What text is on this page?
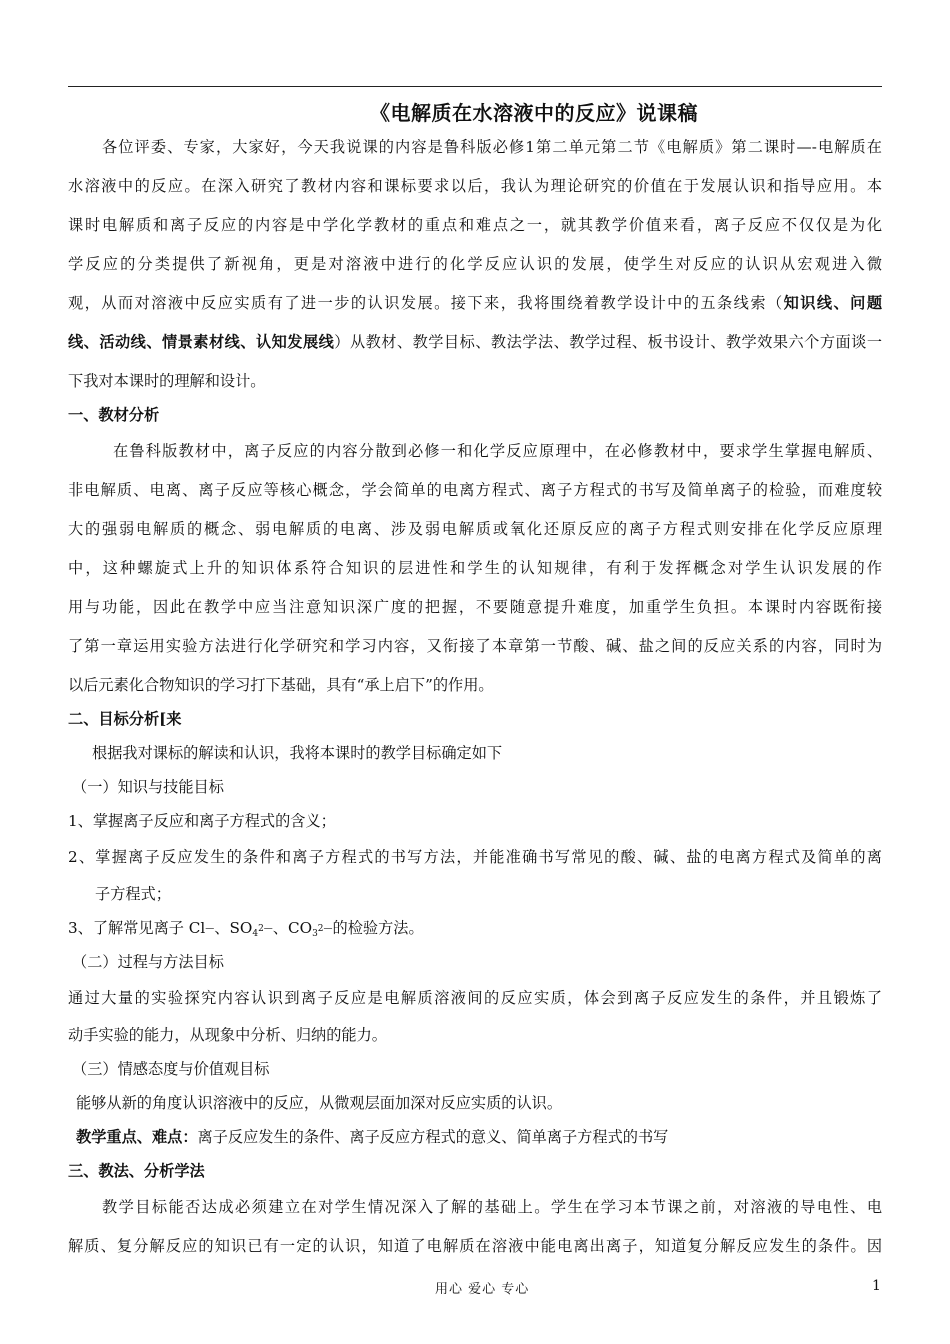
《电解质在水溶液中的反应》说课稿
各位评委、专家，大家好，今天我说课的内容是鲁科版必修1第二单元第二节《电解质》第二课时—-电解质在
水溶液中的反应。在深入研究了教材内容和课标要求以后，我认为理论研究的价值在于发展认识和指导应用。本
课时电解质和离子反应的内容是中学化学教材的重点和难点之一，就其教学价值来看，离子反应不仅仅是为化
学反应的分类提供了新视角，更是对溶液中进行的化学反应认识的发展，使学生对反应的认识从宏观进入微
观，从而对溶液中反应实质有了进一步的认识发展。接下来，我将围绕着教学设计中的五条线索（知识线、问题
线、活动线、情景素材线、认知发展线）从教材、教学目标、教法学法、教学过程、板书设计、教学效果六个方面谈一
下我对本课时的理解和设计。
一、教材分析
在鲁科版教材中，离子反应的内容分散到必修一和化学反应原理中，在必修教材中，要求学生掌握电解质、
非电解质、电离、离子反应等核心概念，学会简单的电离方程式、离子方程式的书写及简单离子的检验，而难度较
大的强弱电解质的概念、弱电解质的电离、涉及弱电解质或氧化还原反应的离子方程式则安排在化学反应原理
中，这种螺旋式上升的知识体系符合知识的层进性和学生的认知规律，有利于发挥概念对学生认识发展的作
用与功能，因此在教学中应当注意知识深广度的把握，不要随意提升难度，加重学生负担。本课时内容既衔接
了第一章运用实验方法进行化学研究和学习内容，又衔接了本章第一节酸、碱、盐之间的反应关系的内容，同时为
以后元素化合物知识的学习打下基础，具有“承上启下”的作用。
二、目标分析[来
根据我对课标的解读和认识，我将本课时的教学目标确定如下
（一）知识与技能目标
1、掌握离子反应和离子方程式的含义；
2、掌握离子反应发生的条件和离子方程式的书写方法，并能准确书写常见的酸、碱、盐的电离方程式及简单的离
子方程式；
3、了解常见离子 Cl—、$SO_4^{2—}$、$CO_3^{2—}$的检验方法。
（二）过程与方法目标
通过大量的实验探究内容认识到离子反应是电解质溶液间的反应实质，体会到离子反应发生的条件，并且锻炼了
动手实验的能力，从现象中分析、归纳的能力。
（三）情感态度与价值观目标
能够从新的角度认识溶液中的反应，从微观层面加深对反应实质的认识。
教学重点、难点：离子反应发生的条件、离子反应方程式的意义、简单离子方程式的书写
三、教法、分析学法
教学目标能否达成必须建立在对学生情况深入了解的基础上。学生在学习本节课之前，对溶液的导电性、电
解质、复分解反应的知识已有一定的认识，知道了电解质在溶液中能电离出离子，知道复分解反应发生的条件。因
用心 爱心 专心	1
